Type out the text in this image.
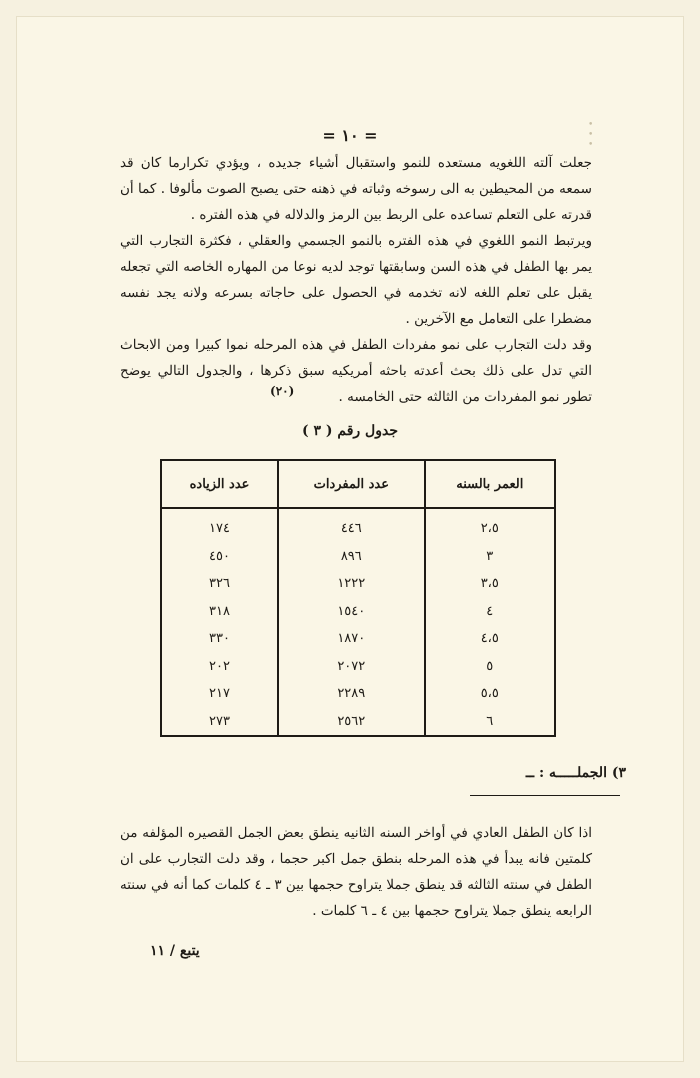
• • •
= ١٠ =

جعلت آلته اللغويه مستعده للنمو واستقبال أشياء جديده ، ويؤدي تكرارما كان قد سمعه من المحيطين به الى رسوخه وثباته في ذهنه حتى يصبح الصوت مألوفا . كما أن قدرته على التعلم تساعده على الربط بين الرمز والدلاله في هذه الفتره .

ويرتبط النمو اللغوي في هذه الفتره بالنمو الجسمي والعقلي ، فكثرة التجارب التي يمر بها الطفل في هذه السن وسابقتها توجد لديه نوعا من المهاره الخاصه التي تجعله يقبل على تعلم اللغه لانه تخدمه في الحصول على حاجاته بسرعه ولانه يجد نفسه مضطرا على التعامل مع الآخرين .

وقد دلت التجارب على نمو مفردات الطفل في هذه المرحله نموا كبيرا ومن الابحاث التي تدل على ذلك بحث أعدته باحثه أمريكيه سبق ذكرها ، والجدول التالي يوضح تطور نمو المفردات من الثالثه حتى الخامسه .

(٢٠)
جدول رقم ( ٣ )
العمر بالسنه	عدد المفردات	عدد الزياده
٢،٥	٤٤٦	١٧٤
٣	٨٩٦	٤٥٠
٣،٥	١٢٢٢	٣٢٦
٤	١٥٤٠	٣١٨
٤،٥	١٨٧٠	٣٣٠
٥	٢٠٧٢	٢٠٢
٥،٥	٢٢٨٩	٢١٧
٦	٢٥٦٢	٢٧٣
٣) الجملـــــه : ــ

اذا كان الطفل العادي في أواخر السنه الثانيه ينطق بعض الجمل القصيره المؤلفه من كلمتين فانه يبدأ في هذه المرحله بنطق جمل اكبر حجما ، وقد دلت التجارب على ان الطفل في سنته الثالثه قد ينطق جملا يتراوح حجمها بين ٣ ـ ٤ كلمات كما أنه في سنته الرابعه ينطق جملا يتراوح حجمها بين ٤ ـ ٦ كلمات .

يتبع / ١١
